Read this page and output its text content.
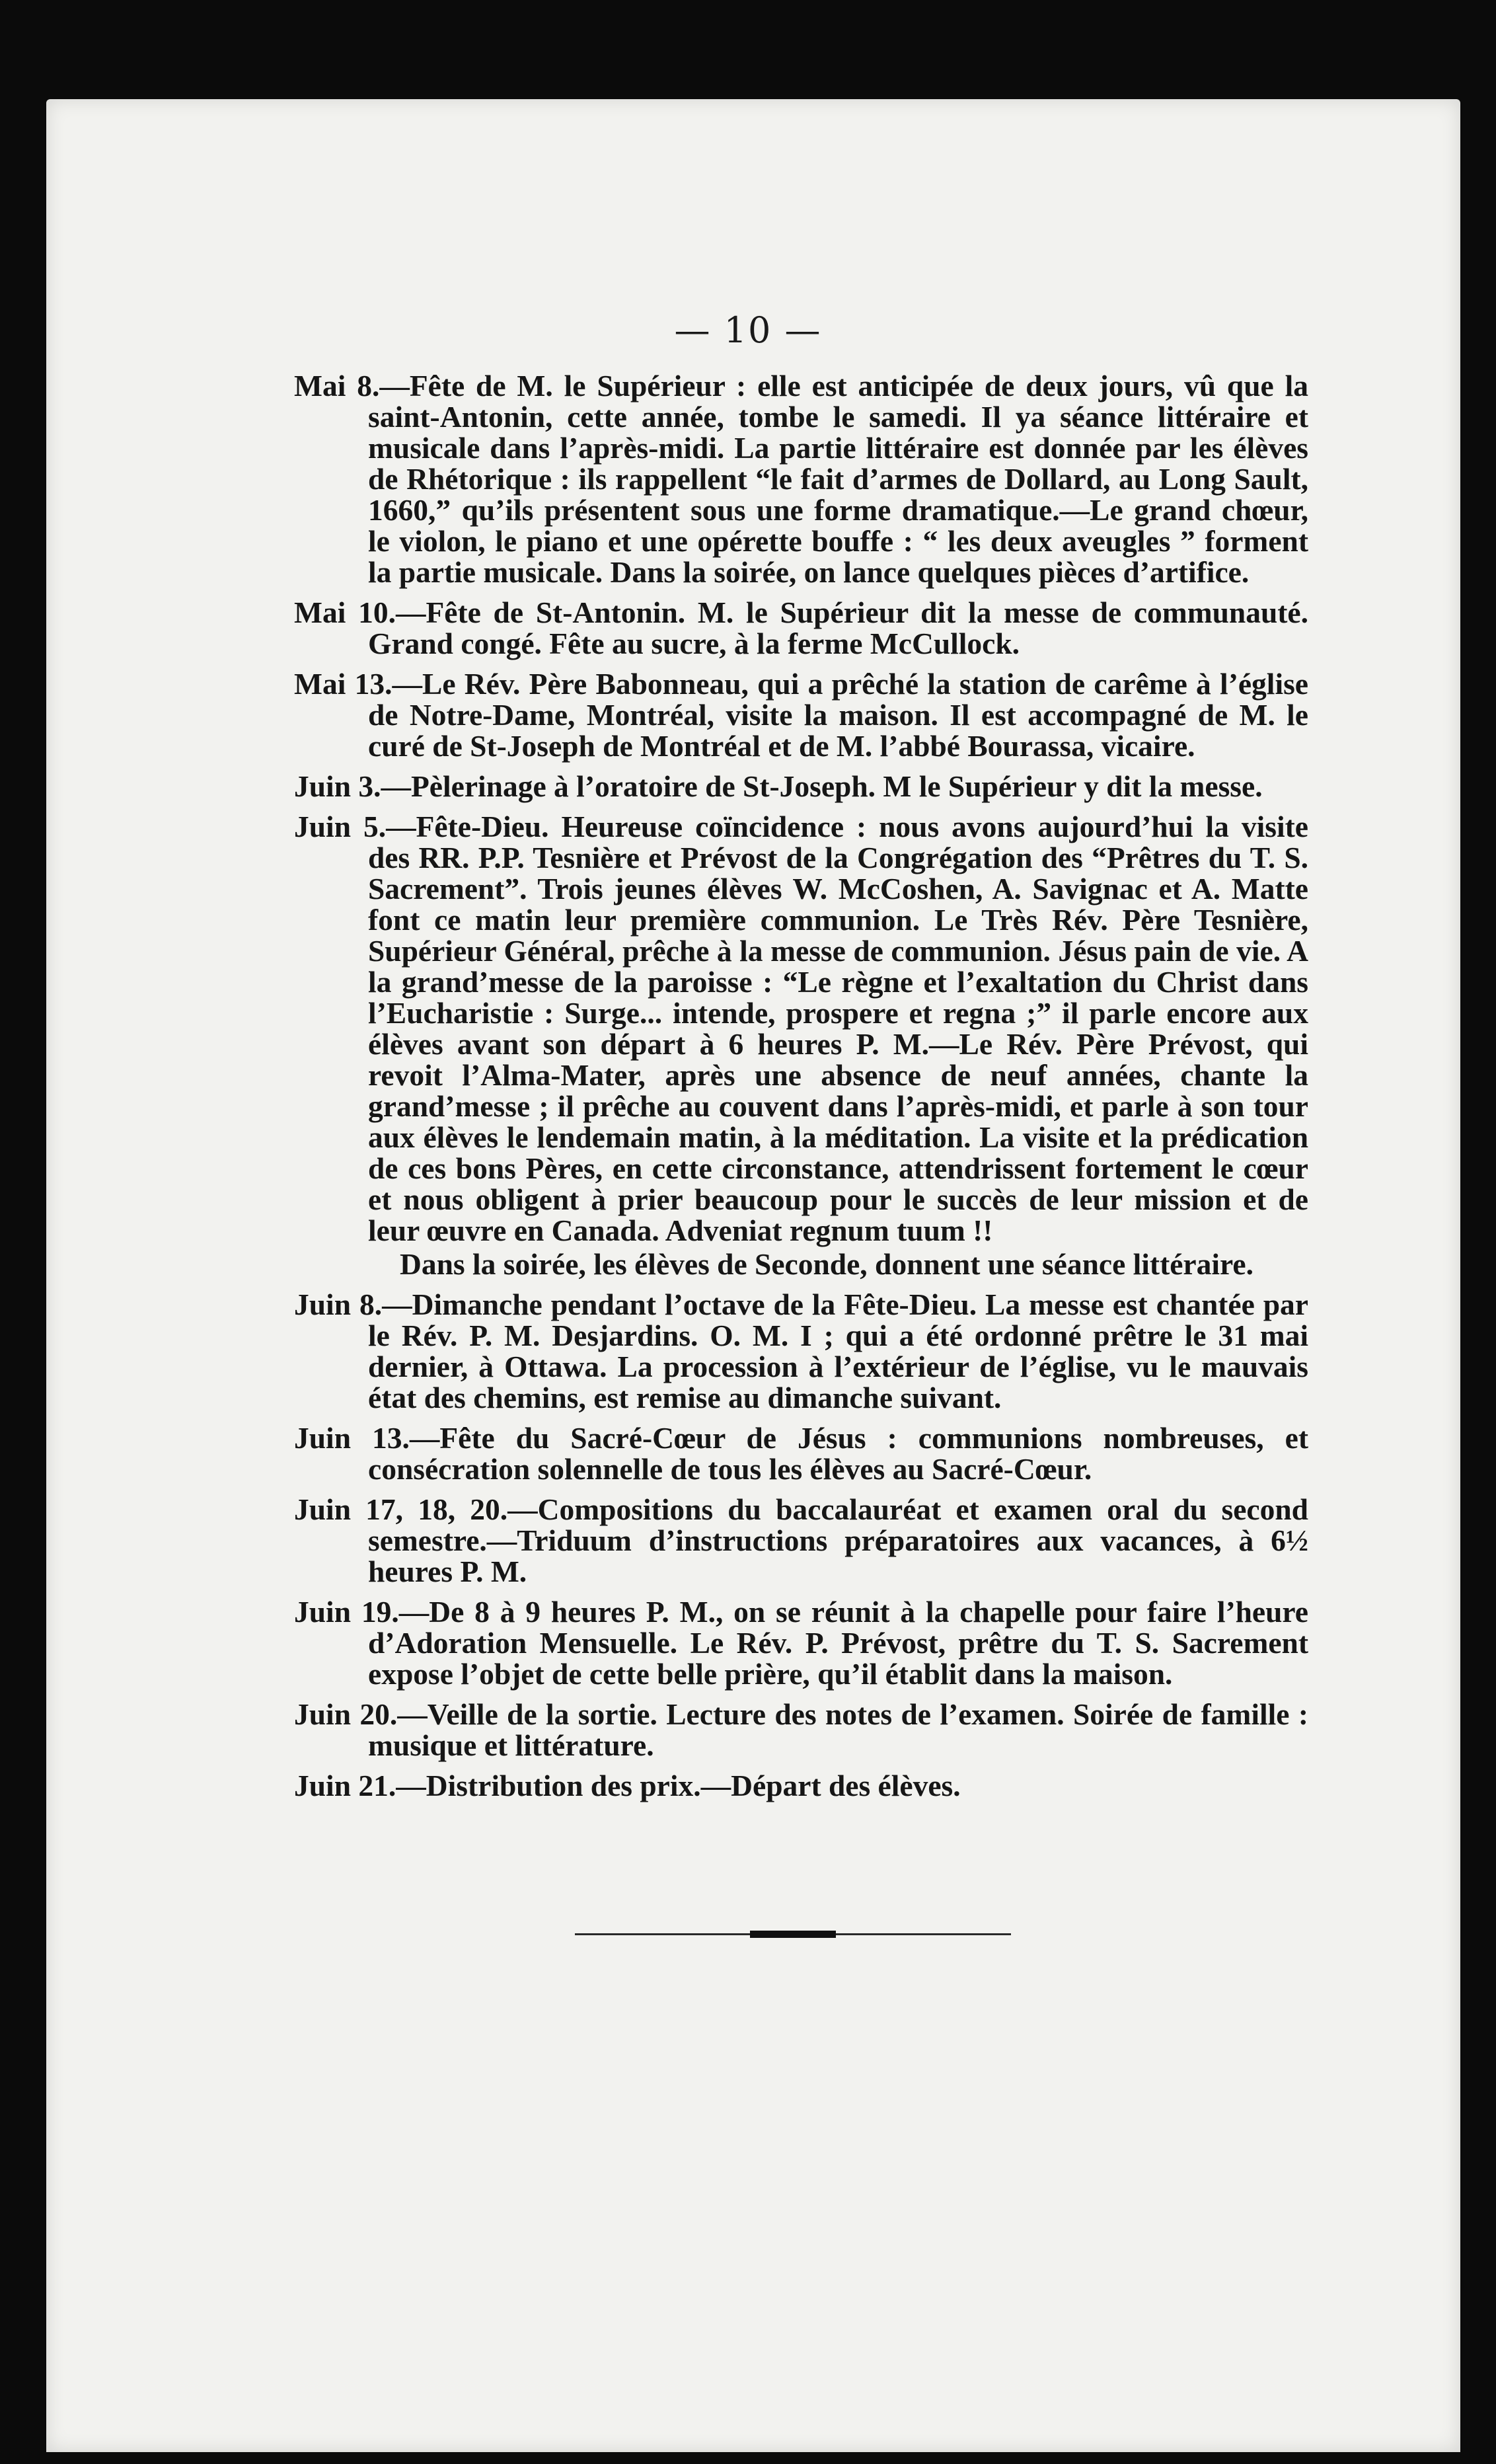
— 10 —

Mai 8.—Fête de M. le Supérieur : elle est anticipée de deux jours, vû que la saint-Antonin, cette année, tombe le samedi. Il ya séance littéraire et musicale dans l’après-midi. La partie littéraire est donnée par les élèves de Rhétorique : ils rappellent “le fait d’armes de Dollard, au Long Sault, 1660,” qu’ils présentent sous une forme dramatique.—Le grand chœur, le violon, le piano et une opérette bouffe : “ les deux aveugles ” forment la partie musicale. Dans la soirée, on lance quelques pièces d’artifice.

Mai 10.—Fête de St-Antonin. M. le Supérieur dit la messe de communauté. Grand congé. Fête au sucre, à la ferme McCullock.

Mai 13.—Le Rév. Père Babonneau, qui a prêché la station de carême à l’église de Notre-Dame, Montréal, visite la maison. Il est accompagné de M. le curé de St-Joseph de Montréal et de M. l’abbé Bourassa, vicaire.

Juin 3.—Pèlerinage à l’oratoire de St-Joseph. M le Supérieur y dit la messe.

Juin 5.—Fête-Dieu. Heureuse coïncidence : nous avons aujourd’hui la visite des RR. P.P. Tesnière et Prévost de la Congrégation des “Prêtres du T. S. Sacrement”. Trois jeunes élèves W. McCoshen, A. Savignac et A. Matte font ce matin leur première communion. Le Très Rév. Père Tesnière, Supérieur Général, prêche à la messe de communion. Jésus pain de vie. A la grand’messe de la paroisse : “Le règne et l’exaltation du Christ dans l’Eucharistie : Surge... intende, prospere et regna ;” il parle encore aux élèves avant son départ à 6 heures P. M.—Le Rév. Père Prévost, qui revoit l’Alma-Mater, après une absence de neuf années, chante la grand’messe ; il prêche au couvent dans l’après-midi, et parle à son tour aux élèves le lendemain matin, à la méditation. La visite et la prédication de ces bons Pères, en cette circonstance, attendrissent fortement le cœur et nous obligent à prier beaucoup pour le succès de leur mission et de leur œuvre en Canada. Adveniat regnum tuum !!
Dans la soirée, les élèves de Seconde, donnent une séance littéraire.

Juin 8.—Dimanche pendant l’octave de la Fête-Dieu. La messe est chantée par le Rév. P. M. Desjardins. O. M. I ; qui a été ordonné prêtre le 31 mai dernier, à Ottawa. La procession à l’extérieur de l’église, vu le mauvais état des chemins, est remise au dimanche suivant.

Juin 13.—Fête du Sacré-Cœur de Jésus : communions nombreuses, et consécration solennelle de tous les élèves au Sacré-Cœur.

Juin 17, 18, 20.—Compositions du baccalauréat et examen oral du second semestre.—Triduum d’instructions préparatoires aux vacances, à 6½ heures P. M.

Juin 19.—De 8 à 9 heures P. M., on se réunit à la chapelle pour faire l’heure d’Adoration Mensuelle. Le Rév. P. Prévost, prêtre du T. S. Sacrement expose l’objet de cette belle prière, qu’il établit dans la maison.

Juin 20.—Veille de la sortie. Lecture des notes de l’examen. Soirée de famille : musique et littérature.

Juin 21.—Distribution des prix.—Départ des élèves.
